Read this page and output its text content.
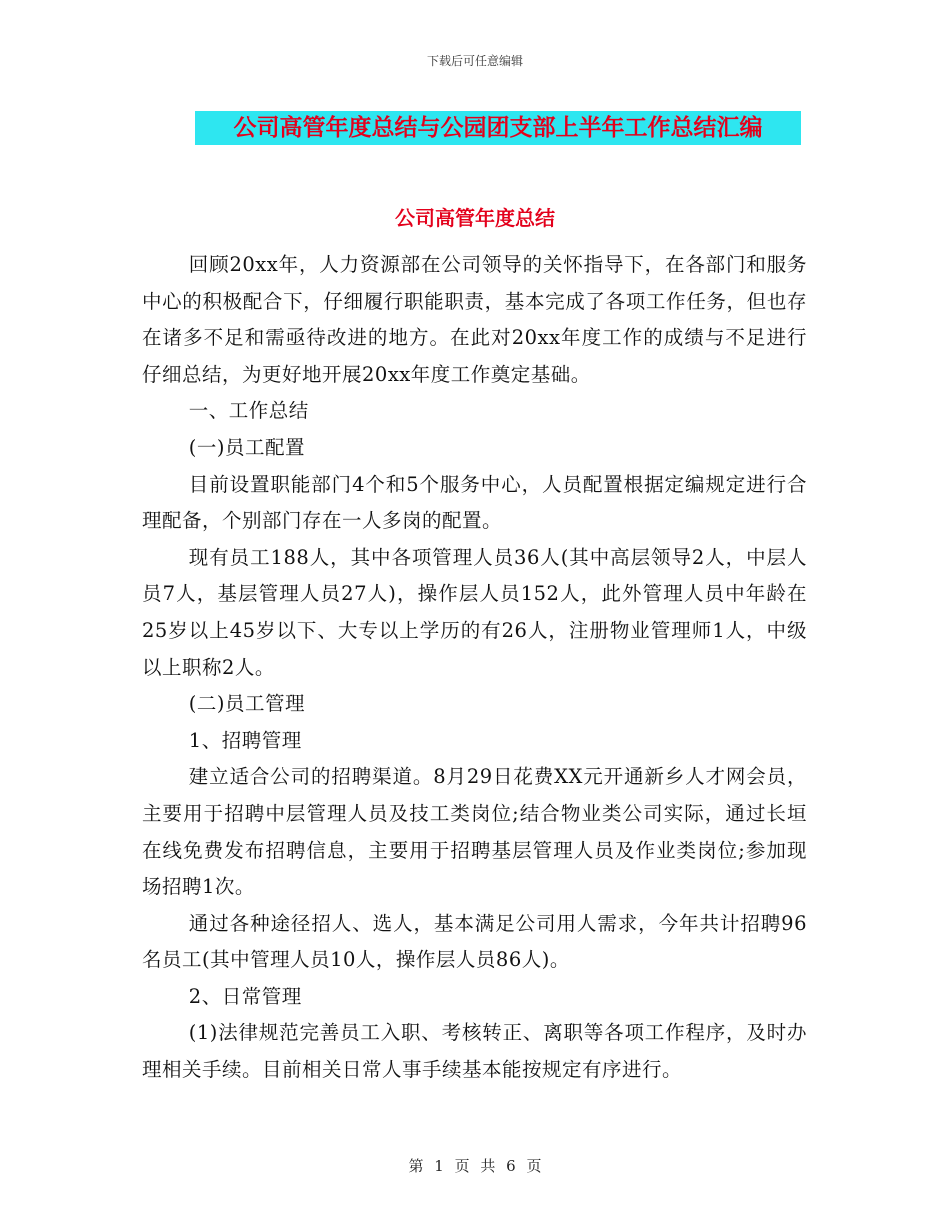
下载后可任意编辑
公司高管年度总结与公园团支部上半年工作总结汇编
公司高管年度总结

回顾20xx年，人力资源部在公司领导的关怀指导下，在各部门和服务中心的积极配合下，仔细履行职能职责，基本完成了各项工作任务，但也存在诸多不足和需亟待改进的地方。在此对20xx年度工作的成绩与不足进行仔细总结，为更好地开展20xx年度工作奠定基础。

一、工作总结

(一)员工配置

目前设置职能部门4个和5个服务中心，人员配置根据定编规定进行合理配备，个别部门存在一人多岗的配置。

现有员工188人，其中各项管理人员36人(其中高层领导2人，中层人员7人，基层管理人员27人)，操作层人员152人，此外管理人员中年龄在25岁以上45岁以下、大专以上学历的有26人，注册物业管理师1人，中级以上职称2人。

(二)员工管理

1、招聘管理

建立适合公司的招聘渠道。8月29日花费XX元开通新乡人才网会员，主要用于招聘中层管理人员及技工类岗位;结合物业类公司实际，通过长垣在线免费发布招聘信息，主要用于招聘基层管理人员及作业类岗位;参加现场招聘1次。

通过各种途径招人、选人，基本满足公司用人需求，今年共计招聘96名员工(其中管理人员10人，操作层人员86人)。

2、日常管理

(1)法律规范完善员工入职、考核转正、离职等各项工作程序，及时办理相关手续。目前相关日常人事手续基本能按规定有序进行。

第 1 页 共 6 页
